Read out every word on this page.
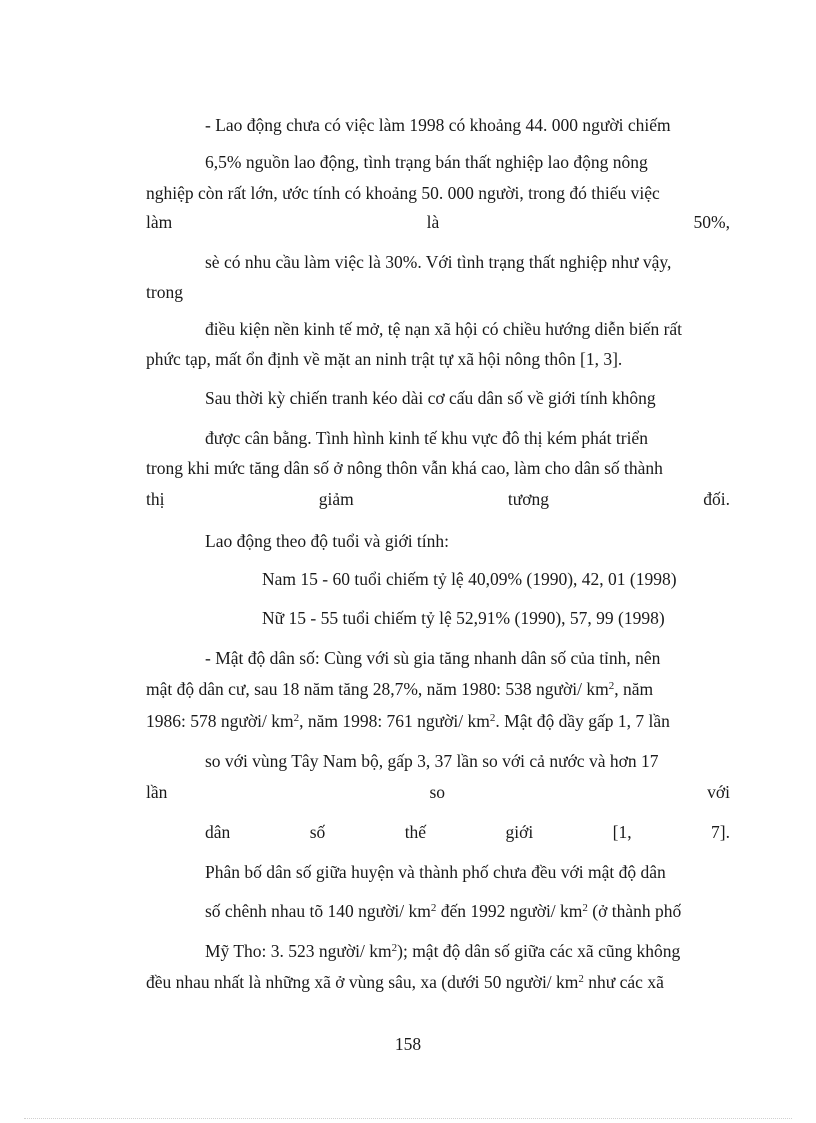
- Lao động chưa có việc làm 1998 có khoảng 44. 000 người chiếm
6,5% nguồn lao động, tình trạng bán thất nghiệp lao động nông
nghiệp còn rất lớn, ước tính có khoảng 50. 000 người, trong đó thiếu việc
làm	là	50%,
sè có nhu cầu làm việc là 30%. Với tình trạng thất nghiệp như vậy,
trong
điều kiện nền kinh tế mở, tệ nạn xã hội có chiều hướng diễn biến rất
phức tạp, mất ổn định về mặt an ninh trật tự xã hội nông thôn [1, 3].
Sau thời kỳ chiến tranh kéo dài cơ cấu dân số về giới tính không
được cân bằng. Tình hình kinh tế khu vực đô thị kém phát triển
trong khi mức tăng dân số ở nông thôn vẫn khá cao, làm cho dân số thành
thị	giảm	tương	đối.
Lao động theo độ tuổi và giới tính:
Nam 15 - 60 tuổi chiếm tỷ lệ 40,09% (1990), 42, 01 (1998)
Nữ 15 - 55 tuổi chiếm tỷ lệ 52,91% (1990), 57, 99 (1998)
- Mật độ dân số: Cùng với sù gia tăng nhanh dân số của tỉnh, nên
mật độ dân cư, sau 18 năm tăng 28,7%, năm 1980: 538 người/ $km^2$, năm
1986: 578 người/ $km^2$, năm 1998: 761 người/ $km^2$. Mật độ dầy gấp 1, 7 lần
so với vùng Tây Nam bộ, gấp 3, 37 lần so với cả nước và hơn 17
lần	so	với
dân	số	thế	giới	[1,	7].
Phân bố dân số giữa huyện và thành phố chưa đều với mật độ dân
số chênh nhau tõ 140 người/ $km^2$ đến 1992 người/ $km^2$ (ở thành phố
Mỹ Tho: 3. 523 người/ $km^2$); mật độ dân số giữa các xã cũng không
đều nhau nhất là những xã ở vùng sâu, xa (dưới 50 người/ $km^2$ như các xã
158
